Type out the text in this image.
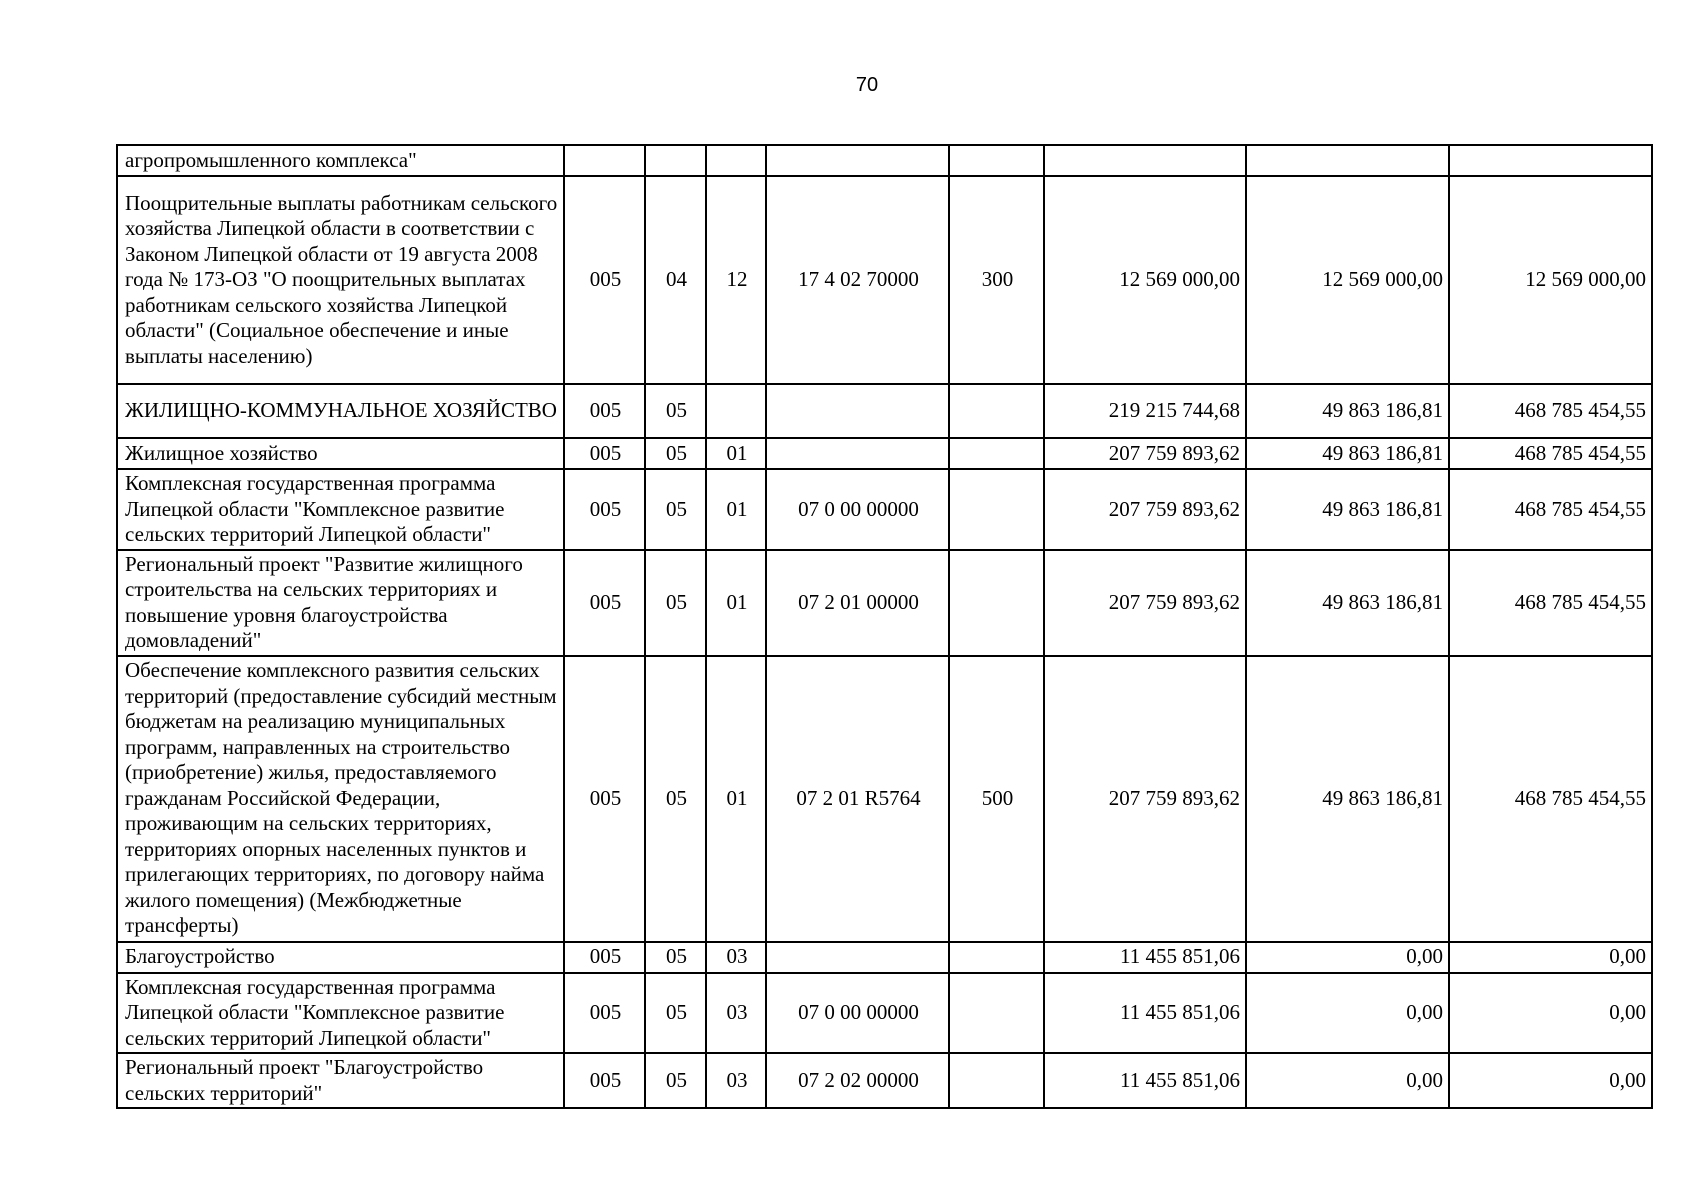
70
агропромышленного комплекса"								
Поощрительные выплаты работникам сельского хозяйства Липецкой области в соответствии с Законом Липецкой области от 19 августа 2008 года № 173-ОЗ "О поощрительных выплатах работникам сельского хозяйства Липецкой области" (Социальное обеспечение и иные выплаты населению)	005	04	12	17 4 02 70000	300	12 569 000,00	12 569 000,00	12 569 000,00
ЖИЛИЩНО-КОММУНАЛЬНОЕ ХОЗЯЙСТВО	005	05				219 215 744,68	49 863 186,81	468 785 454,55
Жилищное хозяйство	005	05	01			207 759 893,62	49 863 186,81	468 785 454,55
Комплексная государственная программа Липецкой области "Комплексное развитие сельских территорий Липецкой области"	005	05	01	07 0 00 00000		207 759 893,62	49 863 186,81	468 785 454,55
Региональный проект "Развитие жилищного строительства на сельских территориях и повышение уровня благоустройства домовладений"	005	05	01	07 2 01 00000		207 759 893,62	49 863 186,81	468 785 454,55
Обеспечение комплексного развития сельских территорий (предоставление субсидий местным бюджетам на реализацию муниципальных программ, направленных на строительство (приобретение) жилья, предоставляемого гражданам Российской Федерации, проживающим на сельских территориях, территориях опорных населенных пунктов и прилегающих территориях, по договору найма жилого помещения) (Межбюджетные трансферты)	005	05	01	07 2 01 R5764	500	207 759 893,62	49 863 186,81	468 785 454,55
Благоустройство	005	05	03			11 455 851,06	0,00	0,00
Комплексная государственная программа Липецкой области "Комплексное развитие сельских территорий Липецкой области"	005	05	03	07 0 00 00000		11 455 851,06	0,00	0,00
Региональный проект "Благоустройство сельских территорий"	005	05	03	07 2 02 00000		11 455 851,06	0,00	0,00
